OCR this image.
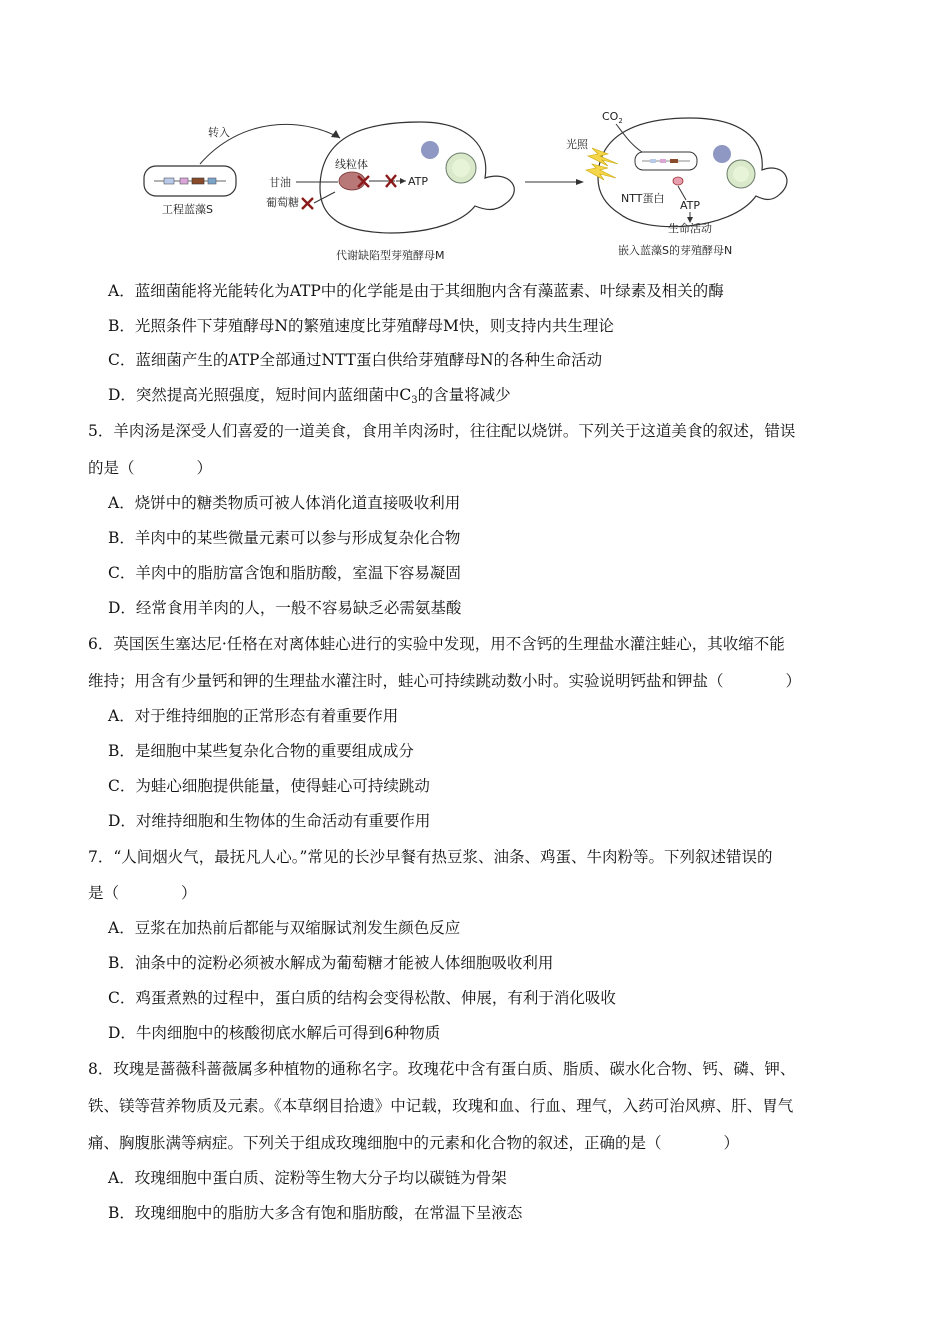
工程蓝藻S
转入
线粒体
ATP
甘油
葡萄糖
代谢缺陷型芽殖酵母M
$CO_2$
光照
NTT蛋白
ATP
生命活动
嵌入蓝藻S的芽殖酵母N
A．蓝细菌能将光能转化为ATP中的化学能是由于其细胞内含有藻蓝素、叶绿素及相关的酶
B．光照条件下芽殖酵母N的繁殖速度比芽殖酵母M快，则支持内共生理论
C．蓝细菌产生的ATP全部通过NTT蛋白供给芽殖酵母N的各种生命活动
D．突然提高光照强度，短时间内蓝细菌中$C_3$的含量将减少
5．羊肉汤是深受人们喜爱的一道美食，食用羊肉汤时，往往配以烧饼。下列关于这道美食的叙述，错误
的是（　　　　）
A．烧饼中的糖类物质可被人体消化道直接吸收利用
B．羊肉中的某些微量元素可以参与形成复杂化合物
C．羊肉中的脂肪富含饱和脂肪酸，室温下容易凝固
D．经常食用羊肉的人，一般不容易缺乏必需氨基酸
6．英国医生塞达尼·任格在对离体蛙心进行的实验中发现，用不含钙的生理盐水灌注蛙心，其收缩不能
维持；用含有少量钙和钾的生理盐水灌注时，蛙心可持续跳动数小时。实验说明钙盐和钾盐（　　　　）
A．对于维持细胞的正常形态有着重要作用
B．是细胞中某些复杂化合物的重要组成成分
C．为蛙心细胞提供能量，使得蛙心可持续跳动
D．对维持细胞和生物体的生命活动有重要作用
7．“人间烟火气，最抚凡人心。”常见的长沙早餐有热豆浆、油条、鸡蛋、牛肉粉等。下列叙述错误的
是（　　　　）
A．豆浆在加热前后都能与双缩脲试剂发生颜色反应
B．油条中的淀粉必须被水解成为葡萄糖才能被人体细胞吸收利用
C．鸡蛋煮熟的过程中，蛋白质的结构会变得松散、伸展，有利于消化吸收
D．牛肉细胞中的核酸彻底水解后可得到6种物质
8．玫瑰是蔷薇科蔷薇属多种植物的通称名字。玫瑰花中含有蛋白质、脂质、碳水化合物、钙、磷、钾、
铁、镁等营养物质及元素。《本草纲目拾遗》中记载，玫瑰和血、行血、理气，入药可治风痹、肝、胃气
痛、胸腹胀满等病症。下列关于组成玫瑰细胞中的元素和化合物的叙述，正确的是（　　　　）
A．玫瑰细胞中蛋白质、淀粉等生物大分子均以碳链为骨架
B．玫瑰细胞中的脂肪大多含有饱和脂肪酸，在常温下呈液态
